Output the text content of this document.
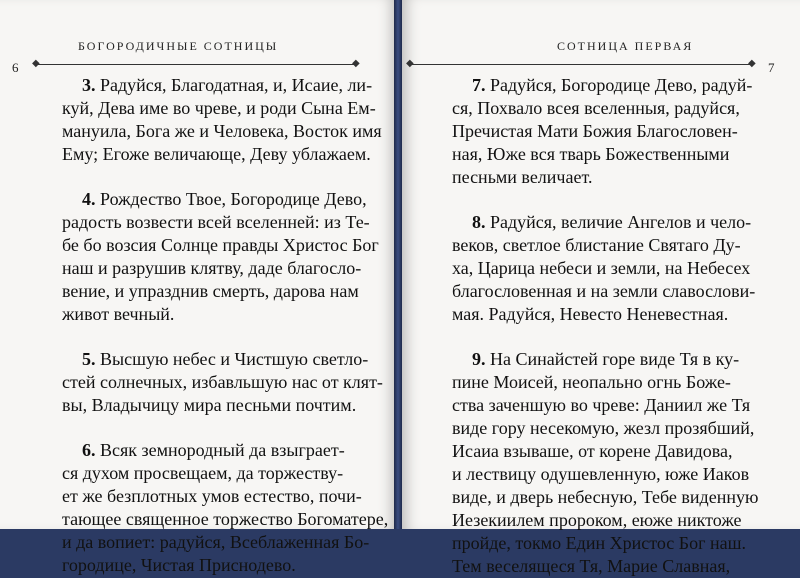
БОГОРОДИЧНЫЕ СОТНИЦЫ
6 ◆	◆

3. Радуйся, Благодатная, и, Исаие, ли-
куй, Дева име во чреве, и роди Сына Ем-
мануила, Бога же и Человека, Восток имя
Ему; Егоже величающе, Деву ублажаем.

4. Рождество Твое, Богородице Дево,
радость возвести всей вселенней: из Те-
бе бо возсия Солнце правды Христос Бог
наш и разрушив клятву, даде благосло-
вение, и упразднив смерть, дарова нам
живот вечный.

5. Высшую небес и Чистшую светло-
стей солнечных, избавльшую нас от клят-
вы, Владычицу мира песньми почтим.

6. Всяк земнородный да взыграет-
ся духом просвещаем, да торжеству-
ет же безплотных умов естество, почи-
тающее священное торжество Богоматере,
и да вопиет: радуйся, Всеблаженная Бо-
городице, Чистая Приснодево.

СОТНИЦА ПЕРВАЯ
7
◆	◆

7. Радуйся, Богородице Дево, радуй-
ся, Похвало всея вселенныя, радуйся,
Пречистая Мати Божия Благословен-
ная, Юже вся тварь Божественными
песньми величает.

8. Радуйся, величие Ангелов и чело-
веков, светлое блистание Святаго Ду-
ха, Царица небеси и земли, на Небесех
благословенная и на земли славослови-
мая. Радуйся, Невесто Неневестная.

9. На Синайстей горе виде Тя в ку-
пине Моисей, неопально огнь Боже-
ства заченшую во чреве: Даниил же Тя
виде гору несекомую, жезл прозябший,
Исаиа взываше, от корене Давидова,
и лествицу одушевленную, юже Иаков
виде, и дверь небесную, Тебе виденную
Иезекиилем пророком, еюже никтоже
пройде, токмо Един Христос Бог наш.
Тем веселящеся Тя, Марие Славная,
